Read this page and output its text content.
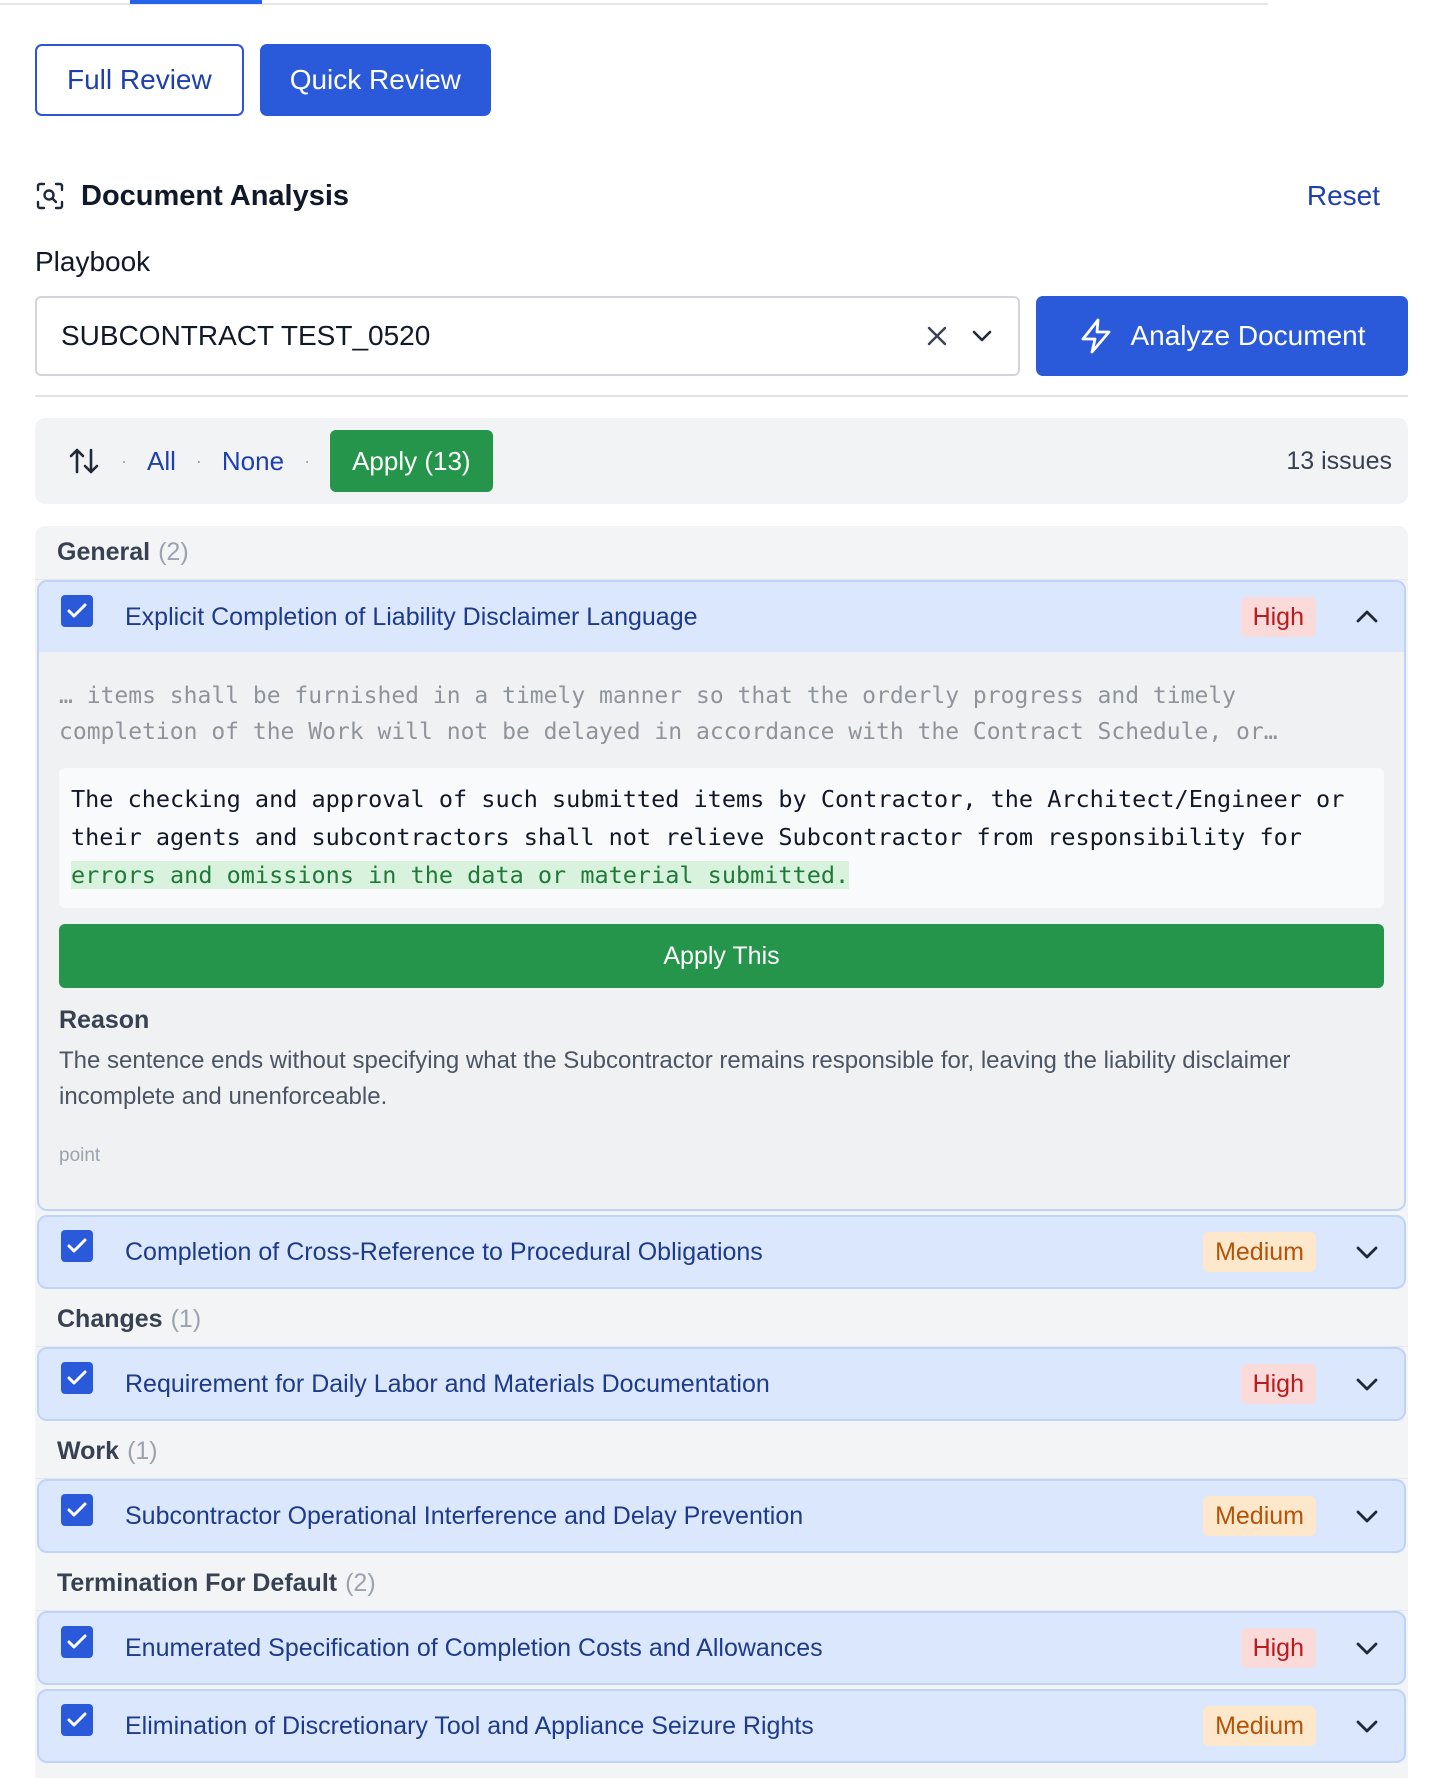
Full Review	Quick Review
Document Analysis	Reset
Playbook
SUBCONTRACT TEST_0520	Analyze Document
· All · None ·	Apply (13)	13 issues
General (2)
Explicit Completion of Liability Disclaimer Language	High
… items shall be furnished in a timely manner so that the orderly progress and timely completion of the Work will not be delayed in accordance with the Contract Schedule, or…
The checking and approval of such submitted items by Contractor, the Architect/Engineer or their agents and subcontractors shall not relieve Subcontractor from responsibility for errors and omissions in the data or material submitted.
Apply This
Reason
The sentence ends without specifying what the Subcontractor remains responsible for, leaving the liability disclaimer incomplete and unenforceable.
point
Completion of Cross-Reference to Procedural Obligations	Medium
Changes (1)
Requirement for Daily Labor and Materials Documentation	High
Work (1)
Subcontractor Operational Interference and Delay Prevention	Medium
Termination For Default (2)
Enumerated Specification of Completion Costs and Allowances	High
Elimination of Discretionary Tool and Appliance Seizure Rights	Medium
